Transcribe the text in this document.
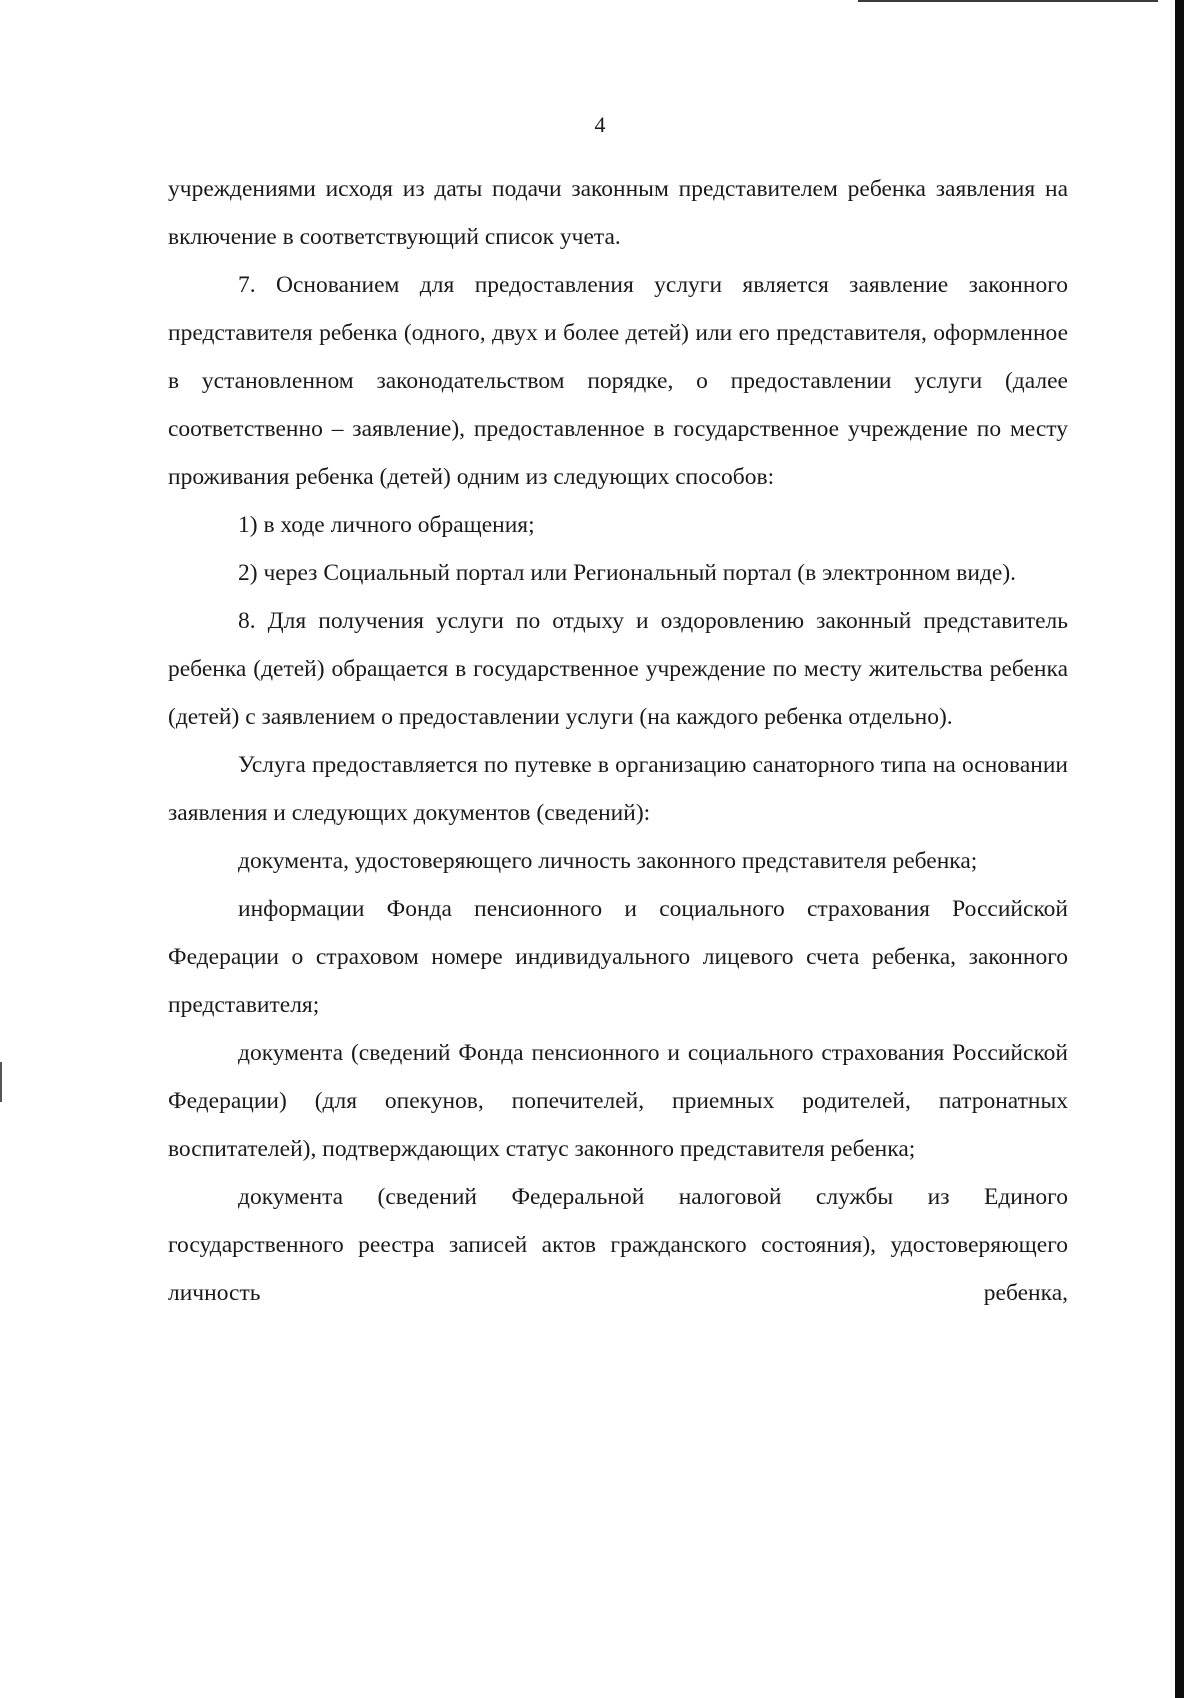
4

учреждениями исходя из даты подачи законным представителем ребенка заявления на включение в соответствующий список учета.

7. Основанием для предоставления услуги является заявление законного представителя ребенка (одного, двух и более детей) или его представителя, оформленное в установленном законодательством порядке, о предоставлении услуги (далее соответственно – заявление), предоставленное в государственное учреждение по месту проживания ребенка (детей) одним из следующих способов:

1) в ходе личного обращения;

2) через Социальный портал или Региональный портал (в электронном виде).

8. Для получения услуги по отдыху и оздоровлению законный представитель ребенка (детей) обращается в государственное учреждение по месту жительства ребенка (детей) с заявлением о предоставлении услуги (на каждого ребенка отдельно).

Услуга предоставляется по путевке в организацию санаторного типа на основании заявления и следующих документов (сведений):

документа, удостоверяющего личность законного представителя ребенка;

информации Фонда пенсионного и социального страхования Российской Федерации о страховом номере индивидуального лицевого счета ребенка, законного представителя;

документа (сведений Фонда пенсионного и социального страхования Российской Федерации) (для опекунов, попечителей, приемных родителей, патронатных воспитателей), подтверждающих статус законного представителя ребенка;

документа (сведений Федеральной налоговой службы из Единого государственного реестра записей актов гражданского состояния), удостоверяющего личность ребенка,
